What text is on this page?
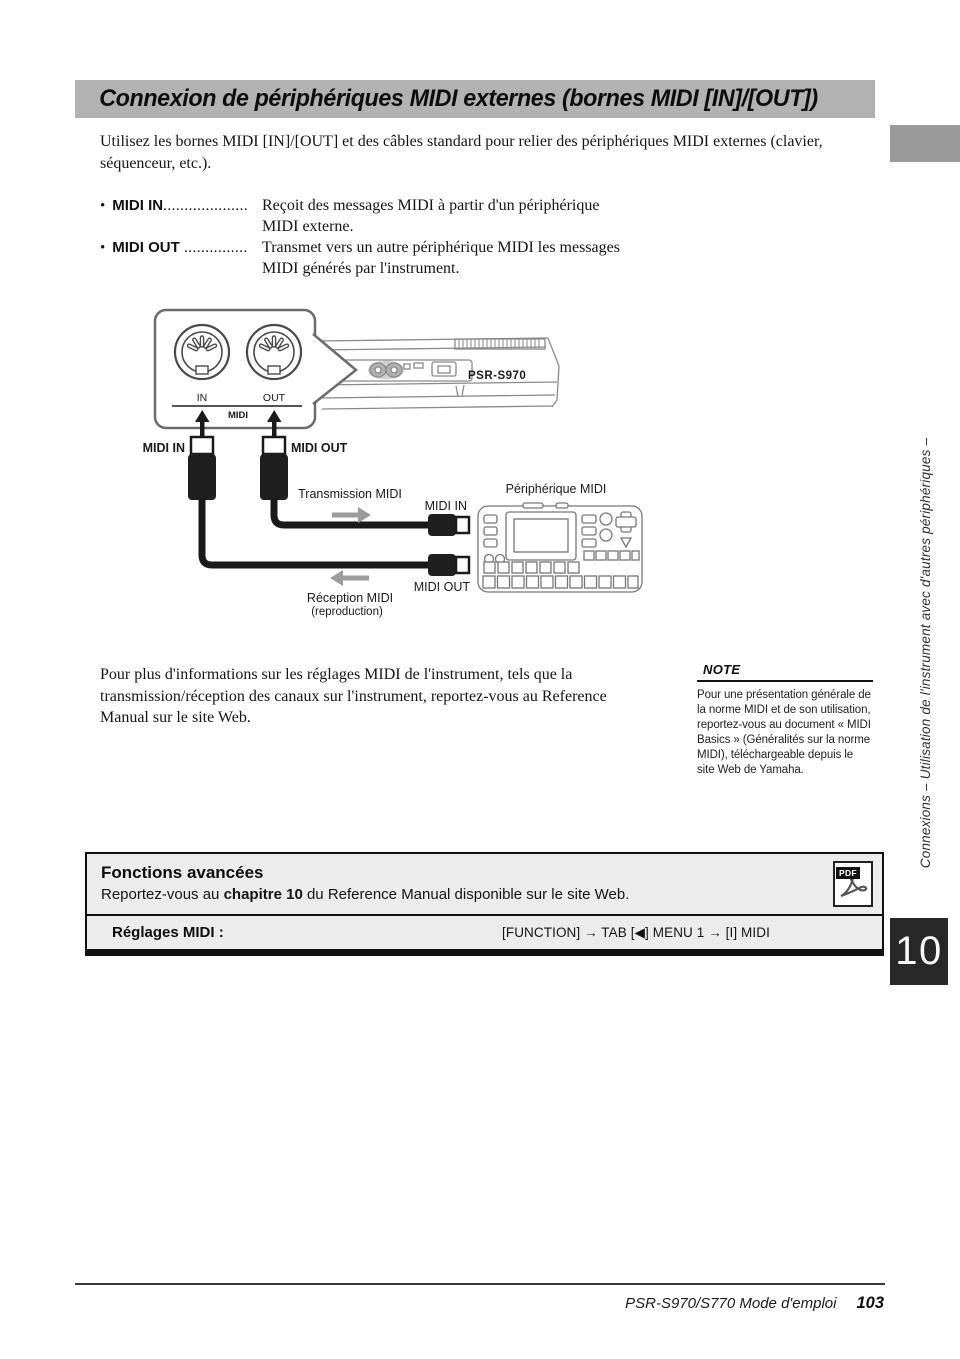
Connexion de périphériques MIDI externes (bornes MIDI [IN]/[OUT])
Utilisez les bornes MIDI [IN]/[OUT] et des câbles standard pour relier des périphériques MIDI externes (clavier, séquenceur, etc.).
• MIDI IN.................... Reçoit des messages MIDI à partir d'un périphérique
MIDI externe.
• MIDI OUT ............... Transmet vers un autre périphérique MIDI les messages
MIDI générés par l'instrument.
PSR-S970
IN	OUT
MIDI
MIDI IN	MIDI OUT
Transmission MIDI
MIDI IN
MIDI OUT
Réception MIDI
(reproduction)
Périphérique MIDI
Pour plus d'informations sur les réglages MIDI de l'instrument, tels que la transmission/réception des canaux sur l'instrument, reportez-vous au Reference Manual sur le site Web.
NOTE
Pour une présentation générale de la norme MIDI et de son utilisation, reportez-vous au document « MIDI Basics » (Généralités sur la norme MIDI), téléchargeable depuis le site Web de Yamaha.
Fonctions avancées
Reportez-vous au chapitre 10 du Reference Manual disponible sur le site Web.
PDF
Réglages MIDI :	[FUNCTION] → TAB [◀] MENU 1 → [I] MIDI
Connexions – Utilisation de l'instrument avec d'autres périphériques –
10
PSR-S970/S770 Mode d'emploi 103
